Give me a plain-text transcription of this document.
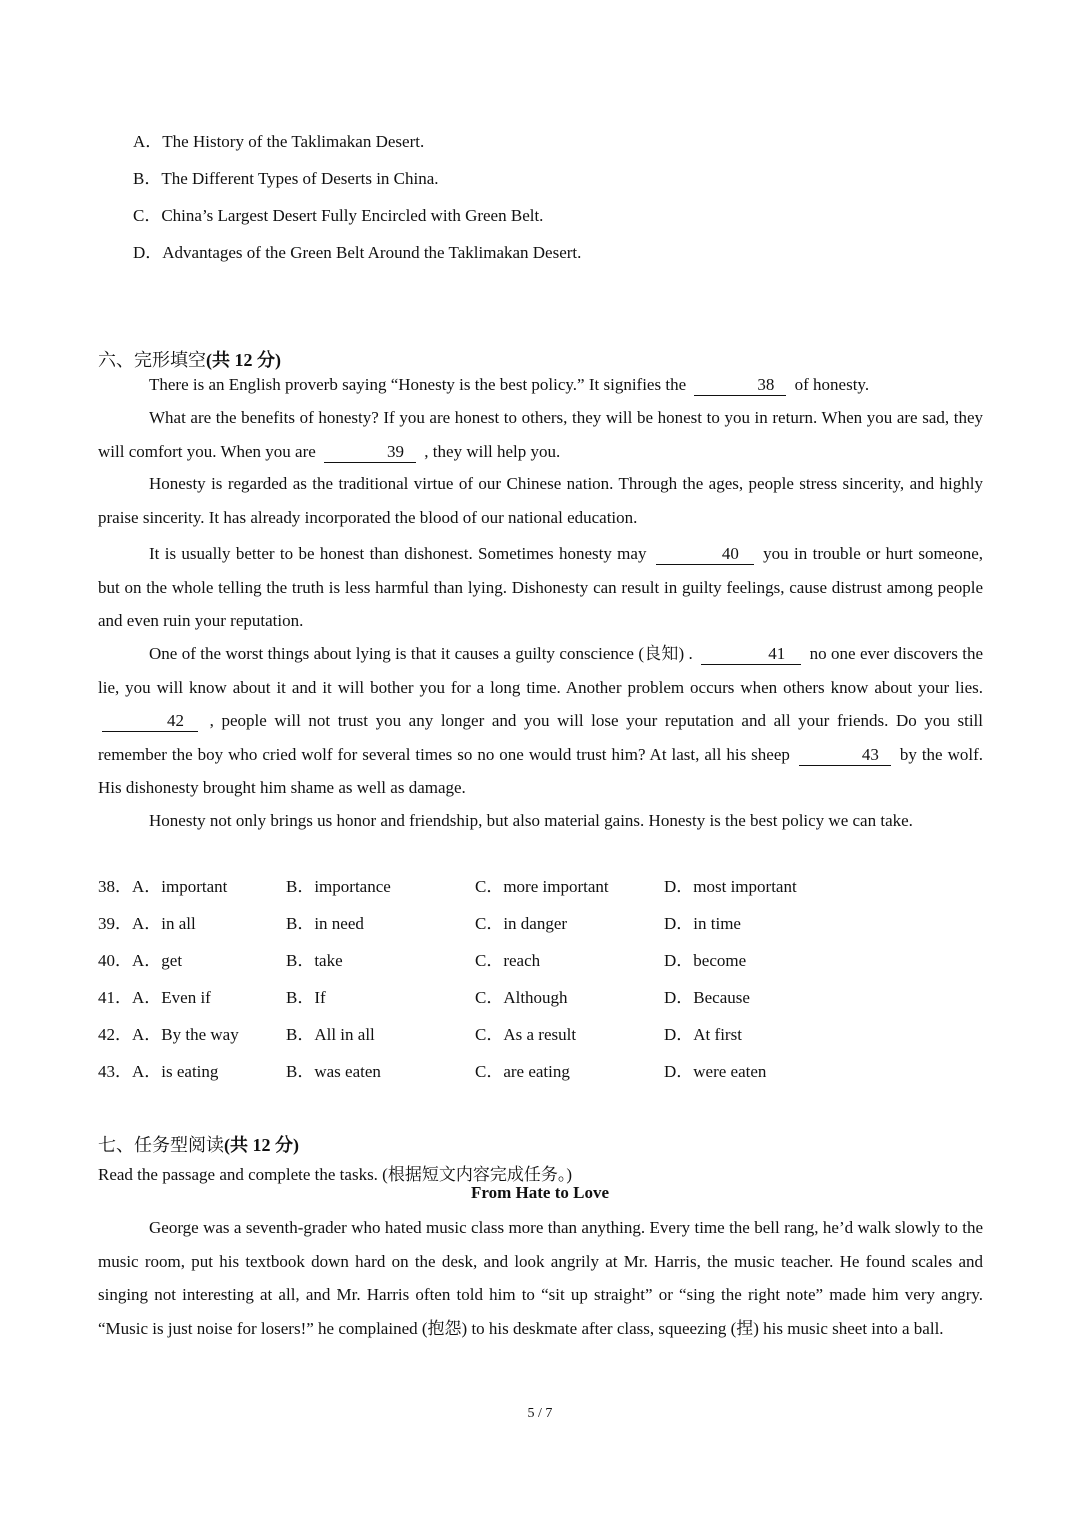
A．The History of the Taklimakan Desert.
B．The Different Types of Deserts in China.
C．China’s Largest Desert Fully Encircled with Green Belt.
D．Advantages of the Green Belt Around the Taklimakan Desert.
六、完形填空(共 12 分)
There is an English proverb saying “Honesty is the best policy.” It signifies the	38 of honesty.
What are the benefits of honesty? If you are honest to others, they will be honest to you in return. When you are sad, they will comfort you. When you are	39 , they will help you.
Honesty is regarded as the traditional virtue of our Chinese nation. Through the ages, people stress sincerity, and highly praise sincerity. It has already incorporated the blood of our national education.
It is usually better to be honest than dishonest. Sometimes honesty may	40 you in trouble or hurt someone, but on the whole telling the truth is less harmful than lying. Dishonesty can result in guilty feelings, cause distrust among people and even ruin your reputation.
One of the worst things about lying is that it causes a guilty conscience (良知) .	41 no one ever discovers the lie, you will know about it and it will bother you for a long time. Another problem occurs when others know about your lies. 42 , people will not trust you any longer and you will lose your reputation and all your friends. Do you still remember the boy who cried wolf for several times so no one would trust him? At last, all his sheep	43 by the wolf. His dishonesty brought him shame as well as damage.
Honesty not only brings us honor and friendship, but also material gains. Honesty is the best policy we can take.
38．A．important	B．importance	C．more important	D．most important
39．A．in all	B．in need	C．in danger	D．in time
40．A．get	B．take	C．reach	D．become
41．A．Even if	B．If	C．Although	D．Because
42．A．By the way	B．All in all	C．As a result	D．At first
43．A．is eating	B．was eaten	C．are eating	D．were eaten
七、任务型阅读(共 12 分)
Read the passage and complete the tasks. (根据短文内容完成任务。)
From Hate to Love
George was a seventh-grader who hated music class more than anything. Every time the bell rang, he’d walk slowly to the music room, put his textbook down hard on the desk, and look angrily at Mr. Harris, the music teacher. He found scales and singing not interesting at all, and Mr. Harris often told him to “sit up straight” or “sing the right note” made him very angry. “Music is just noise for losers!” he complained (抱怨) to his deskmate after class, squeezing (捏) his music sheet into a ball.
5 / 7
